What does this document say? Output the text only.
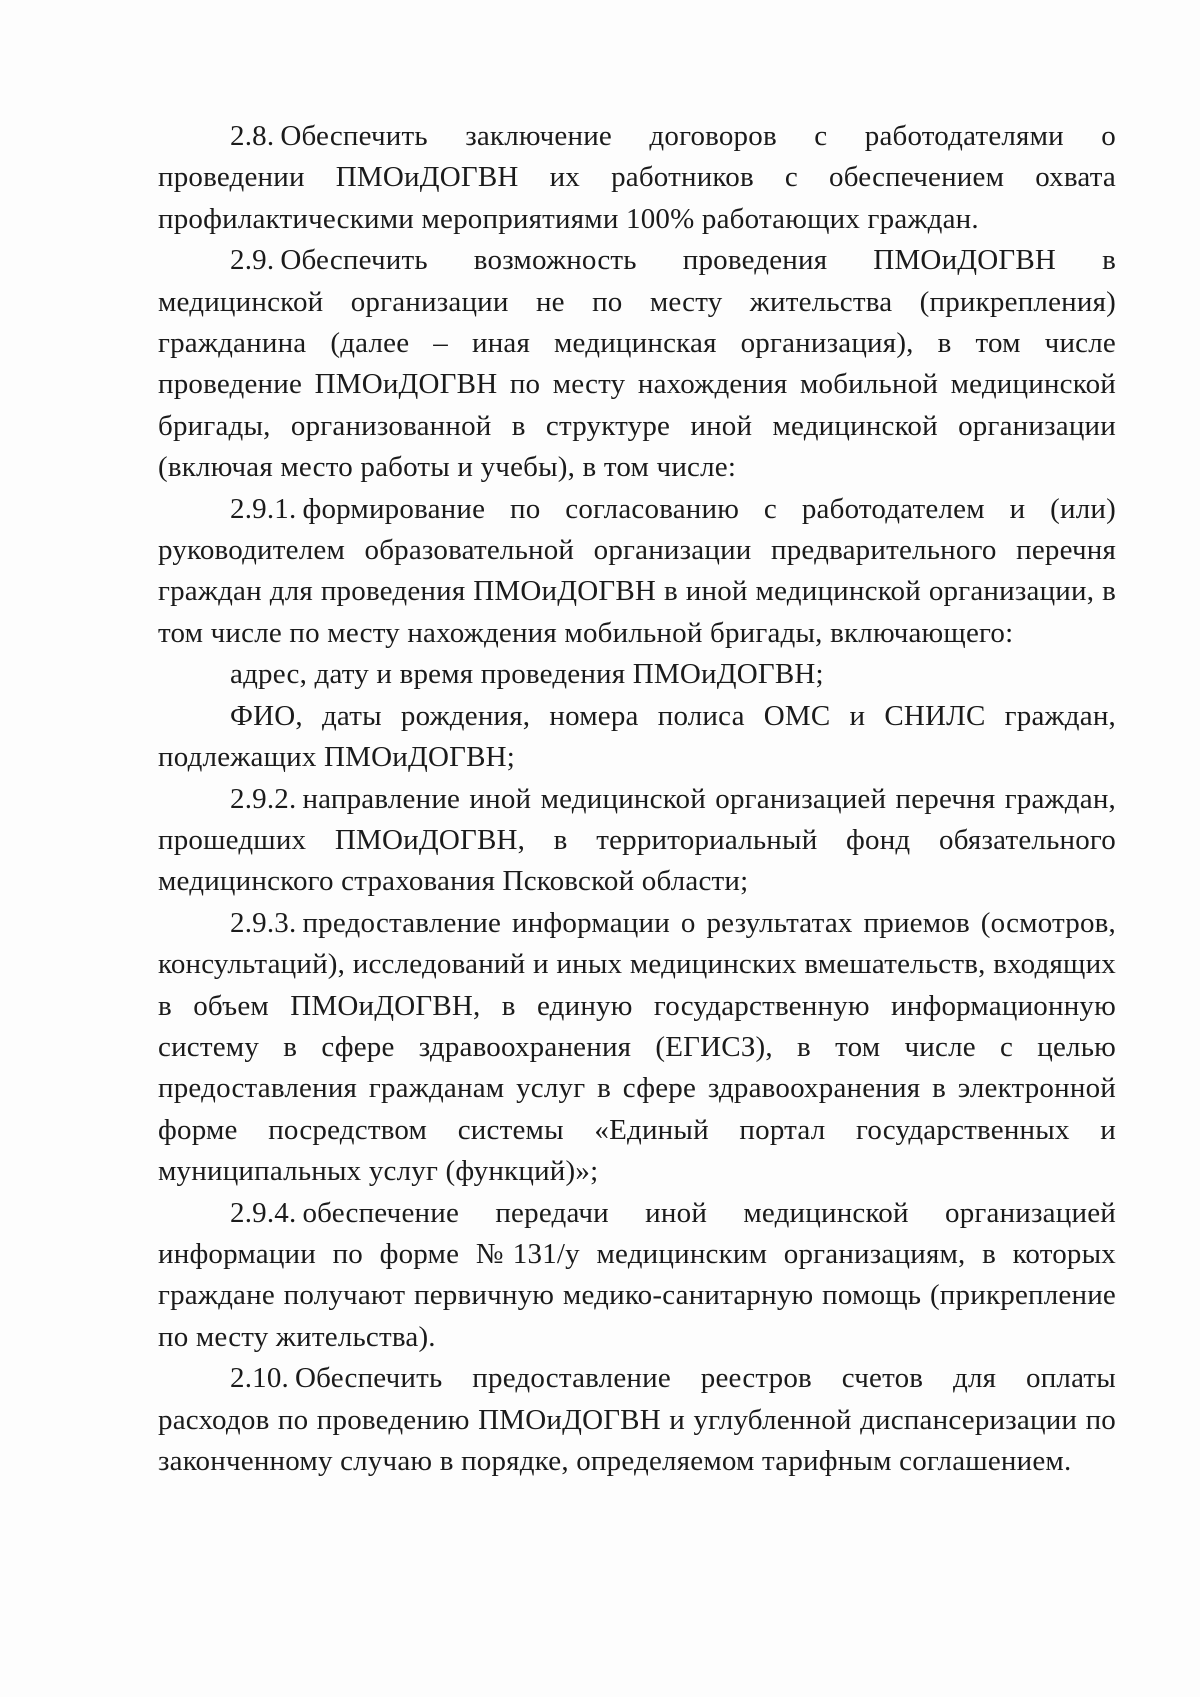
2.8. Обеспечить заключение договоров с работодателями о проведении ПМОиДОГВН их работников с обеспечением охвата профилактическими мероприятиями 100% работающих граждан.

2.9. Обеспечить возможность проведения ПМОиДОГВН в медицинской организации не по месту жительства (прикрепления) гражданина (далее – иная медицинская организация), в том числе проведение ПМОиДОГВН по месту нахождения мобильной медицинской бригады, организованной в структуре иной медицинской организации (включая место работы и учебы), в том числе:

2.9.1. формирование по согласованию с работодателем и (или) руководителем образовательной организации предварительного перечня граждан для проведения ПМОиДОГВН в иной медицинской организации, в том числе по месту нахождения мобильной бригады, включающего:

адрес, дату и время проведения ПМОиДОГВН;

ФИО, даты рождения, номера полиса ОМС и СНИЛС граждан, подлежащих ПМОиДОГВН;

2.9.2. направление иной медицинской организацией перечня граждан, прошедших ПМОиДОГВН, в территориальный фонд обязательного медицинского страхования Псковской области;

2.9.3. предоставление информации о результатах приемов (осмотров, консультаций), исследований и иных медицинских вмешательств, входящих в объем ПМОиДОГВН, в единую государственную информационную систему в сфере здравоохранения (ЕГИСЗ), в том числе с целью предоставления гражданам услуг в сфере здравоохранения в электронной форме посредством системы «Единый портал государственных и муниципальных услуг (функций)»;

2.9.4. обеспечение передачи иной медицинской организацией информации по форме №131/у медицинским организациям, в которых граждане получают первичную медико-санитарную помощь (прикрепление по месту жительства).

2.10. Обеспечить предоставление реестров счетов для оплаты расходов по проведению ПМОиДОГВН и углубленной диспансеризации по законченному случаю в порядке, определяемом тарифным соглашением.
